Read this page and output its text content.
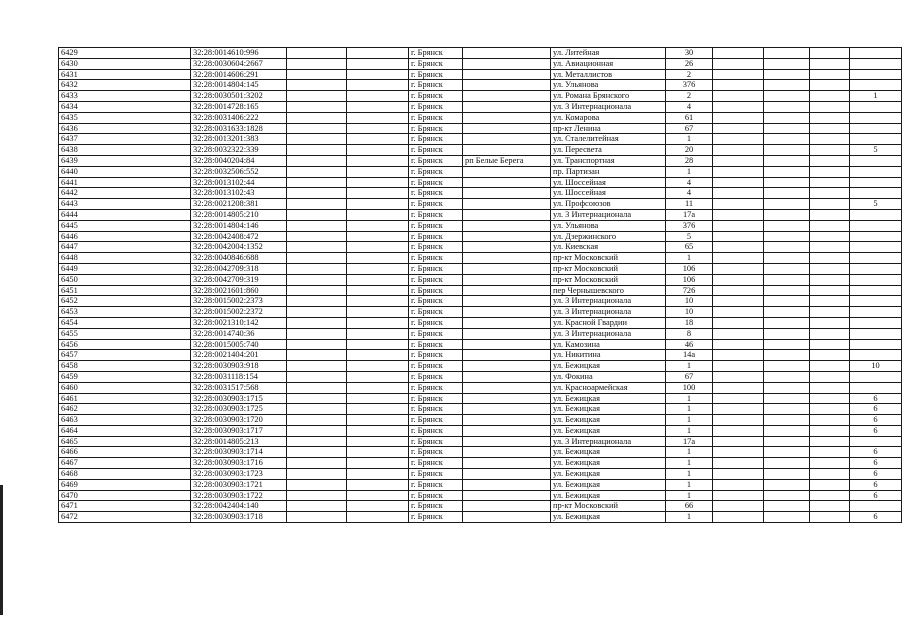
6429	32:28:0014610:996			г. Брянск		ул. Литейная	30				
6430	32:28:0030604:2667			г. Брянск		ул. Авиационная	26				
6431	32:28:0014606:291			г. Брянск		ул. Металлистов	2				
6432	32:28:0014804:145			г. Брянск		ул. Ульянова	376				
6433	32:28:0030501:3202			г. Брянск		ул. Романа Брянского	2				1
6434	32:28:0014728:165			г. Брянск		ул. 3 Интернационала	4				
6435	32:28:0031406:222			г. Брянск		ул. Комарова	61				
6436	32:28:0031633:1828			г. Брянск		пр-кт Ленина	67				
6437	32:28:0013201:383			г. Брянск		ул. Сталелитейная	1				
6438	32:28:0032322:339			г. Брянск		ул. Пересвета	20				5
6439	32:28:0040204:84			г. Брянск	рп Белые Берега	ул. Транспортная	28				
6440	32:28:0032506:552			г. Брянск		пр. Партизан	1				
6441	32:28:0013102:44			г. Брянск		ул. Шоссейная	4				
6442	32:28:0013102:43			г. Брянск		ул. Шоссейная	4				
6443	32:28:0021208:381			г. Брянск		ул. Профсоюзов	11				5
6444	32:28:0014805:210			г. Брянск		ул. 3 Интернационала	17а				
6445	32:28:0014804:146			г. Брянск		ул. Ульянова	376				
6446	32:28:0042408:472			г. Брянск		ул. Дзержинского	5				
6447	32:28:0042004:1352			г. Брянск		ул. Киевская	65				
6448	32:28:0040846:688			г. Брянск		пр-кт Московский	1				
6449	32:28:0042709:318			г. Брянск		пр-кт Московский	106				
6450	32:28:0042709:319			г. Брянск		пр-кт Московский	106				
6451	32:28:0021601:860			г. Брянск		пер Чернышевского	726				
6452	32:28:0015002:2373			г. Брянск		ул. 3 Интернационала	10				
6453	32:28:0015002:2372			г. Брянск		ул. 3 Интернационала	10				
6454	32:28:0021310:142			г. Брянск		ул. Красной Гвардии	18				
6455	32:28:0014740:36			г. Брянск		ул. 3 Интернационала	8				
6456	32:28:0015005:740			г. Брянск		ул. Камозина	46				
6457	32:28:0021404:201			г. Брянск		ул. Никитина	14а				
6458	32:28:0030903:918			г. Брянск		ул. Бежицкая	1				10
6459	32:28:0031118:154			г. Брянск		ул. Фокина	67				
6460	32:28:0031517:568			г. Брянск		ул. Красноармейская	100				
6461	32:28:0030903:1715			г. Брянск		ул. Бежицкая	1				6
6462	32:28:0030903:1725			г. Брянск		ул. Бежицкая	1				6
6463	32:28:0030903:1720			г. Брянск		ул. Бежицкая	1				6
6464	32:28:0030903:1717			г. Брянск		ул. Бежицкая	1				6
6465	32:28:0014805:213			г. Брянск		ул. 3 Интернационала	17а				
6466	32:28:0030903:1714			г. Брянск		ул. Бежицкая	1				6
6467	32:28:0030903:1716			г. Брянск		ул. Бежицкая	1				6
6468	32:28:0030903:1723			г. Брянск		ул. Бежицкая	1				6
6469	32:28:0030903:1721			г. Брянск		ул. Бежицкая	1				6
6470	32:28:0030903:1722			г. Брянск		ул. Бежицкая	1				6
6471	32:28:0042404:140			г. Брянск		пр-кт Московский	66				
6472	32:28:0030903:1718			г. Брянск		ул. Бежицкая	1				6
